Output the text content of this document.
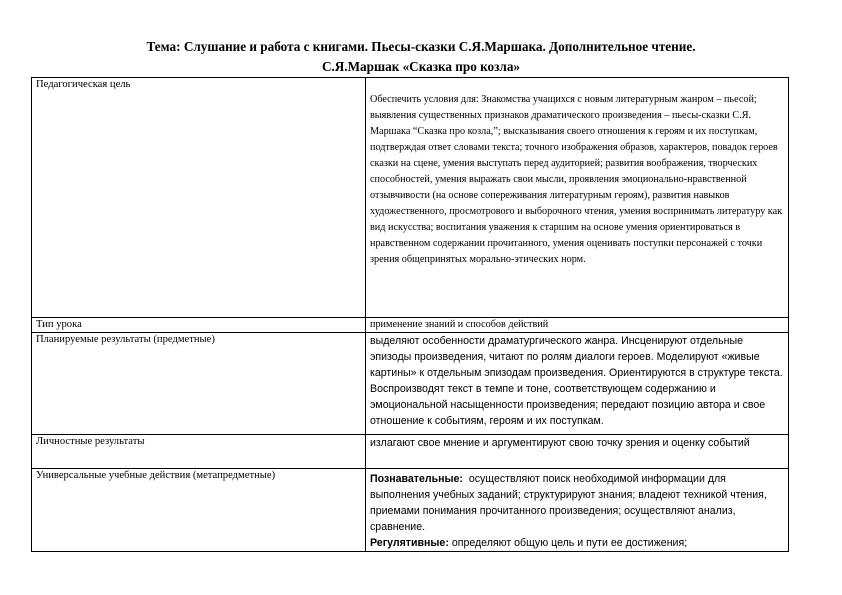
Тема: Слушание и работа с книгами. Пьесы-сказки С.Я.Маршака. Дополнительное чтение.
С.Я.Маршак «Сказка про козла»
Педагогическая цель	Обеспечить условия для: Знакомства учащихся с новым литературным жанром – пьесой; выявления существенных признаков драматического произведения – пьесы-сказки С.Я. Маршака “Сказка про козла,”; высказывания своего отношения к героям и их поступкам, подтверждая ответ словами текста; точного изображения образов, характеров, повадок героев сказки на сцене, умения выступать перед аудиторией; развития воображения, творческих способностей, умения выражать свои мысли, проявления эмоционально-нравственной отзывчивости (на основе сопереживания литературным героям), развития навыков художественного, просмотрового и выборочного чтения, умения воспринимать литературу как вид искусства; воспитания уважения к старшим на основе умения ориентироваться в нравственном содержании прочитанного, умения оценивать поступки персонажей с точки зрения общепринятых морально-этических норм.

Тип урока	применение знаний и способов действий
Планируемые результаты (предметные)	выделяют особенности драматургического жанра. Инсценируют отдельные эпизоды произведения, читают по ролям диалоги героев. Моделируют «живые картины» к отдельным эпизодам произведения. Ориентируются в структуре текста. Воспроизводят текст в темпе и тоне, соответствующем содержанию и эмоциональной насыщенности произведения; передают позицию автора и свое отношение к событиям, героям и их поступкам.
Личностные результаты	излагают свое мнение и аргументируют свою точку зрения и оценку событий
Универсальные учебные действия (метапредметные)	Познавательные: осуществляют поиск необходимой информации для выполнения учебных заданий; структурируют знания; владеют техникой чтения, приемами понимания прочитанного произведения; осуществляют анализ, сравнение.
Регулятивные: определяют общую цель и пути ее достижения;
